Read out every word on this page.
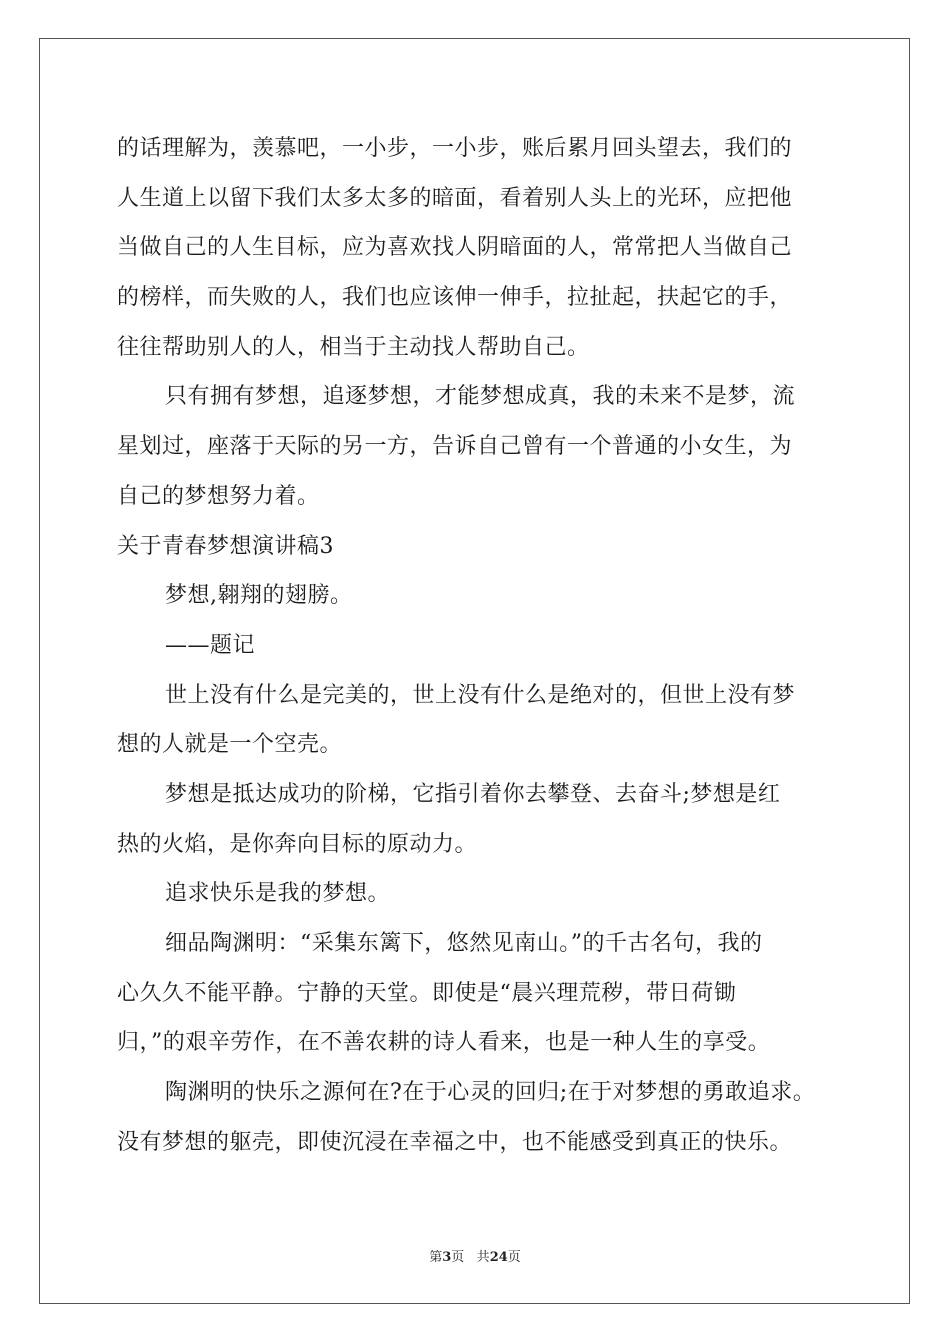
的话理解为，羡慕吧，一小步，一小步，账后累月回头望去，我们的
人生道上以留下我们太多太多的暗面，看着别人头上的光环，应把他
当做自己的人生目标，应为喜欢找人阴暗面的人，常常把人当做自己
的榜样，而失败的人，我们也应该伸一伸手，拉扯起，扶起它的手，
往往帮助别人的人，相当于主动找人帮助自己。
只有拥有梦想，追逐梦想，才能梦想成真，我的未来不是梦，流
星划过，座落于天际的另一方，告诉自己曾有一个普通的小女生，为
自己的梦想努力着。
关于青春梦想演讲稿3
梦想,翱翔的翅膀。
——题记
世上没有什么是完美的，世上没有什么是绝对的，但世上没有梦
想的人就是一个空壳。
梦想是抵达成功的阶梯，它指引着你去攀登、去奋斗;梦想是红
热的火焰，是你奔向目标的原动力。
追求快乐是我的梦想。
细品陶渊明：“采集东篱下，悠然见南山。”的千古名句，我的
心久久不能平静。宁静的天堂。即使是“晨兴理荒秽，带日荷锄
归，”的艰辛劳作，在不善农耕的诗人看来，也是一种人生的享受。
陶渊明的快乐之源何在?在于心灵的回归;在于对梦想的勇敢追求。
没有梦想的躯壳，即使沉浸在幸福之中，也不能感受到真正的快乐。
第3页 共24页
